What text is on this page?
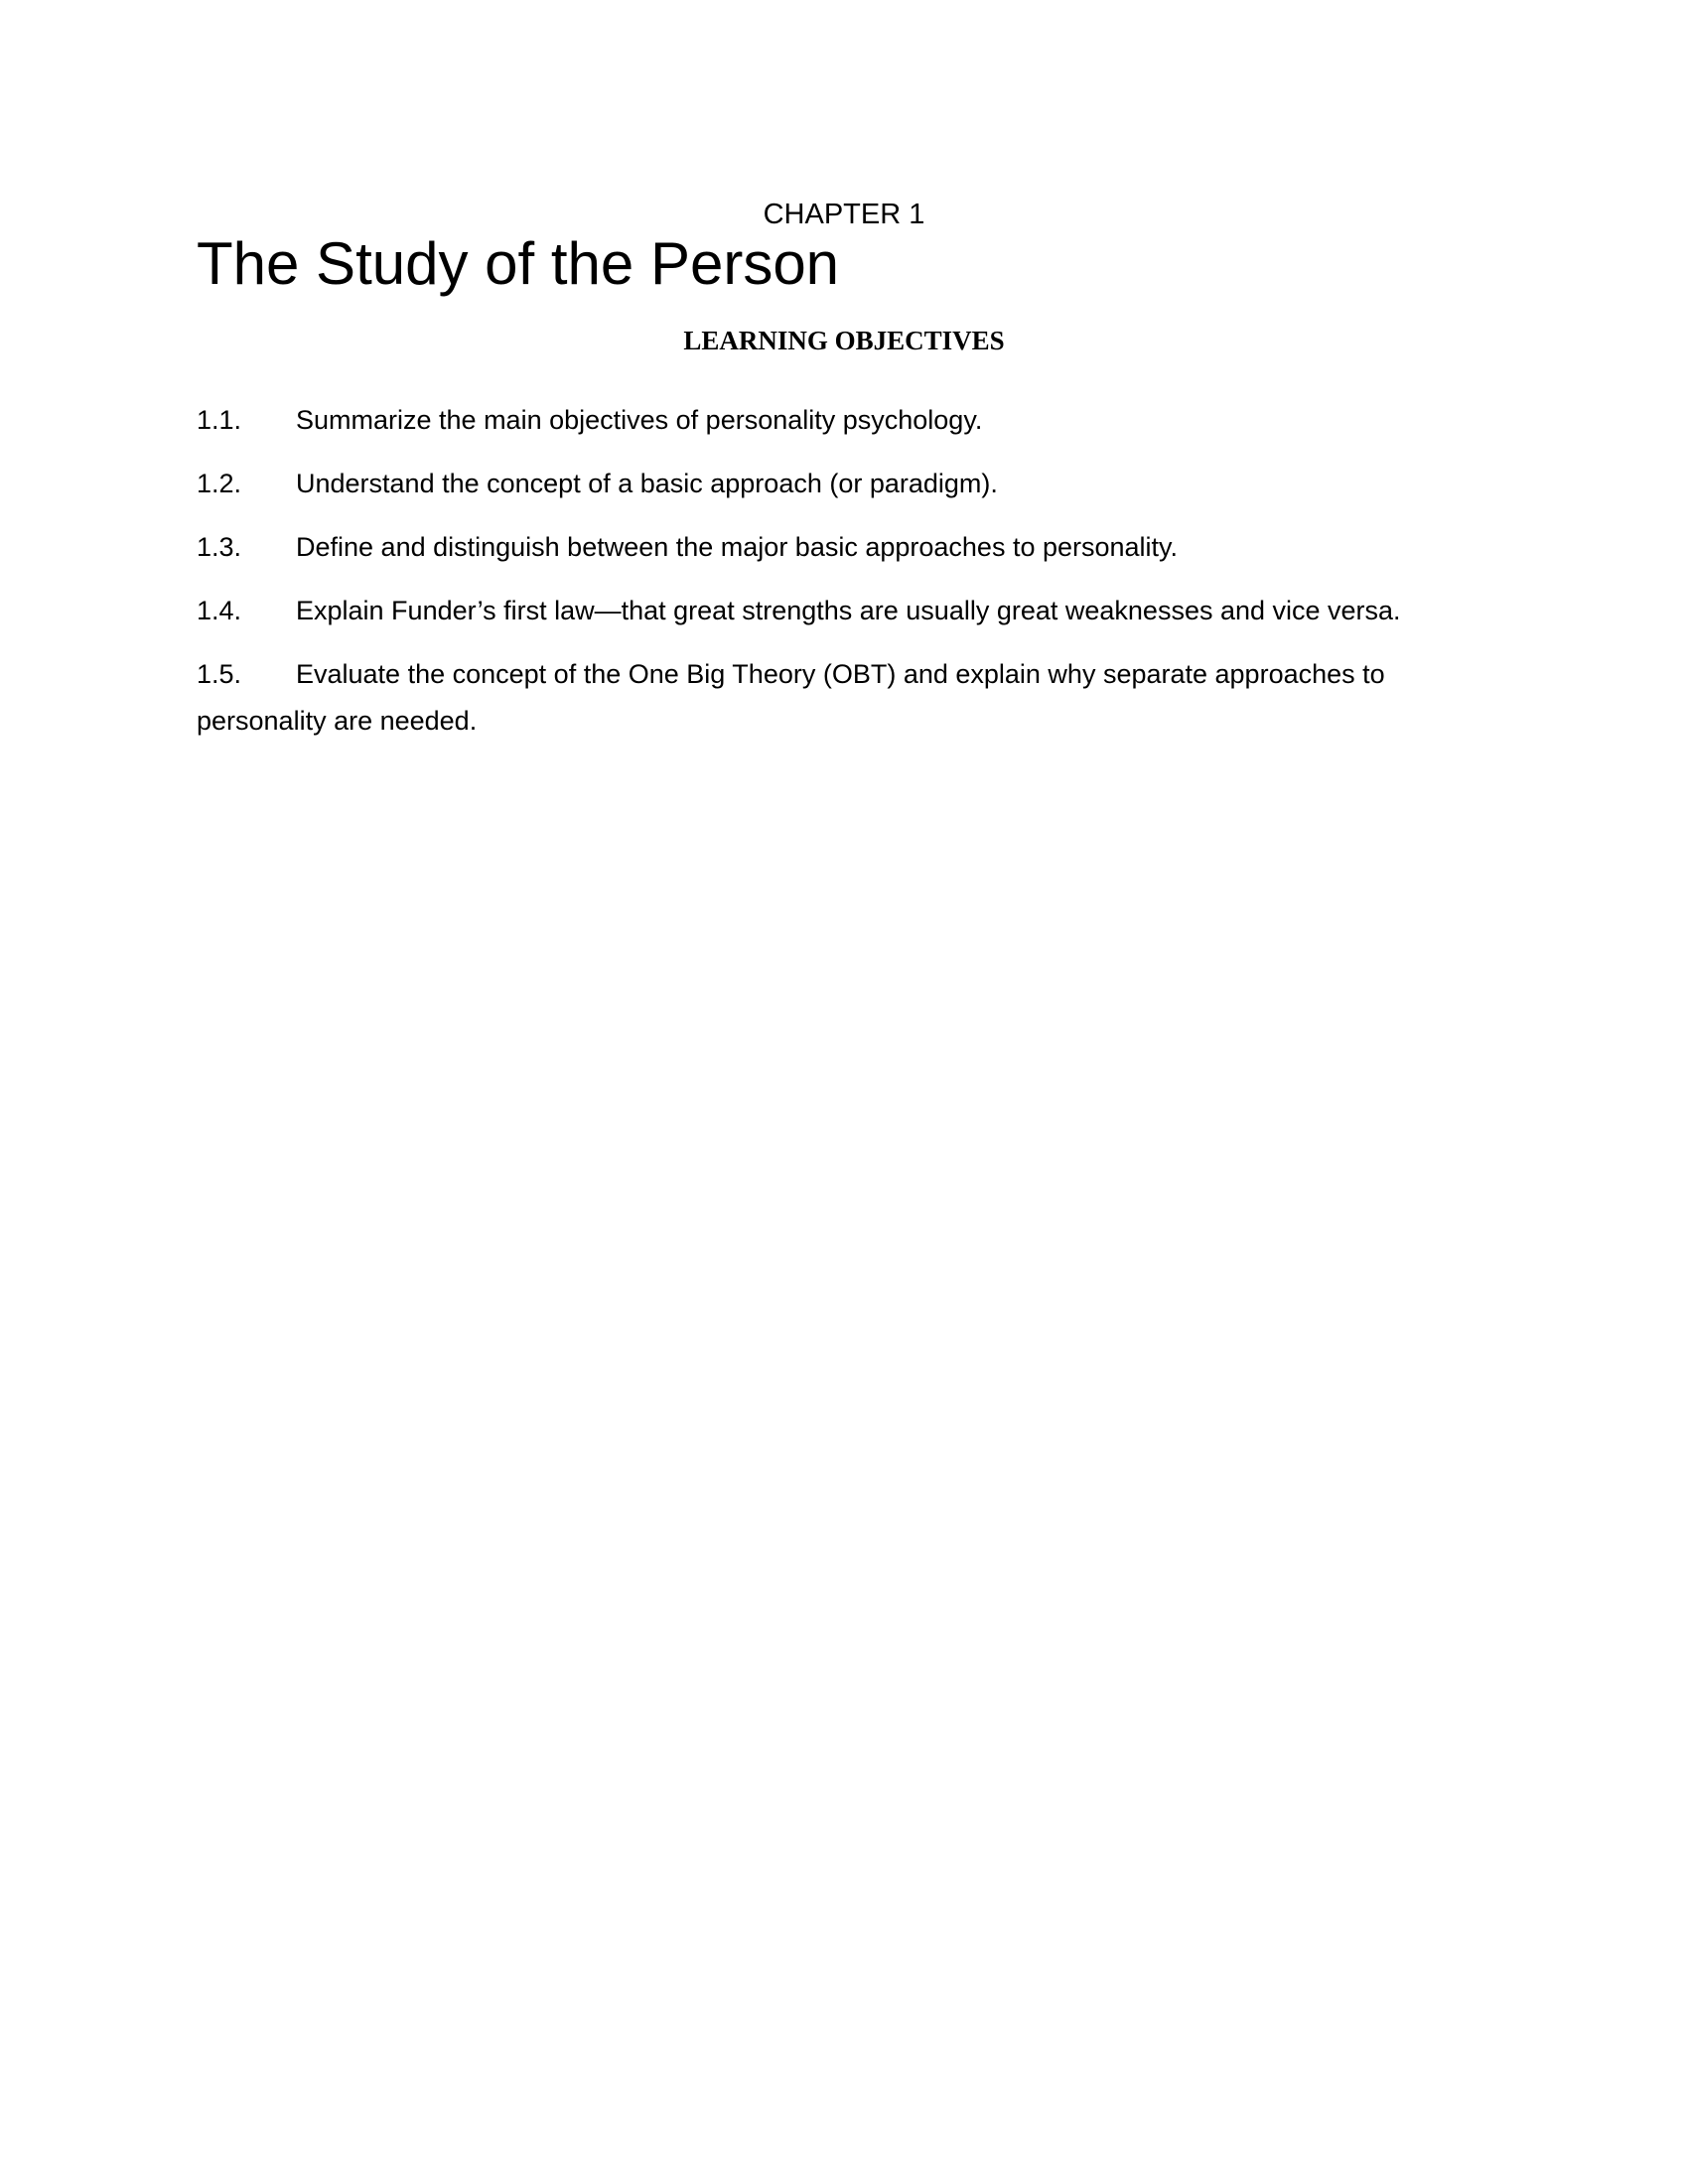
CHAPTER 1
The Study of the Person
LEARNING OBJECTIVES
1.1. Summarize the main objectives of personality psychology.
1.2. Understand the concept of a basic approach (or paradigm).
1.3. Define and distinguish between the major basic approaches to personality.
1.4. Explain Funder’s first law—that great strengths are usually great weaknesses and vice versa.
1.5. Evaluate the concept of the One Big Theory (OBT) and explain why separate approaches to personality are needed.
